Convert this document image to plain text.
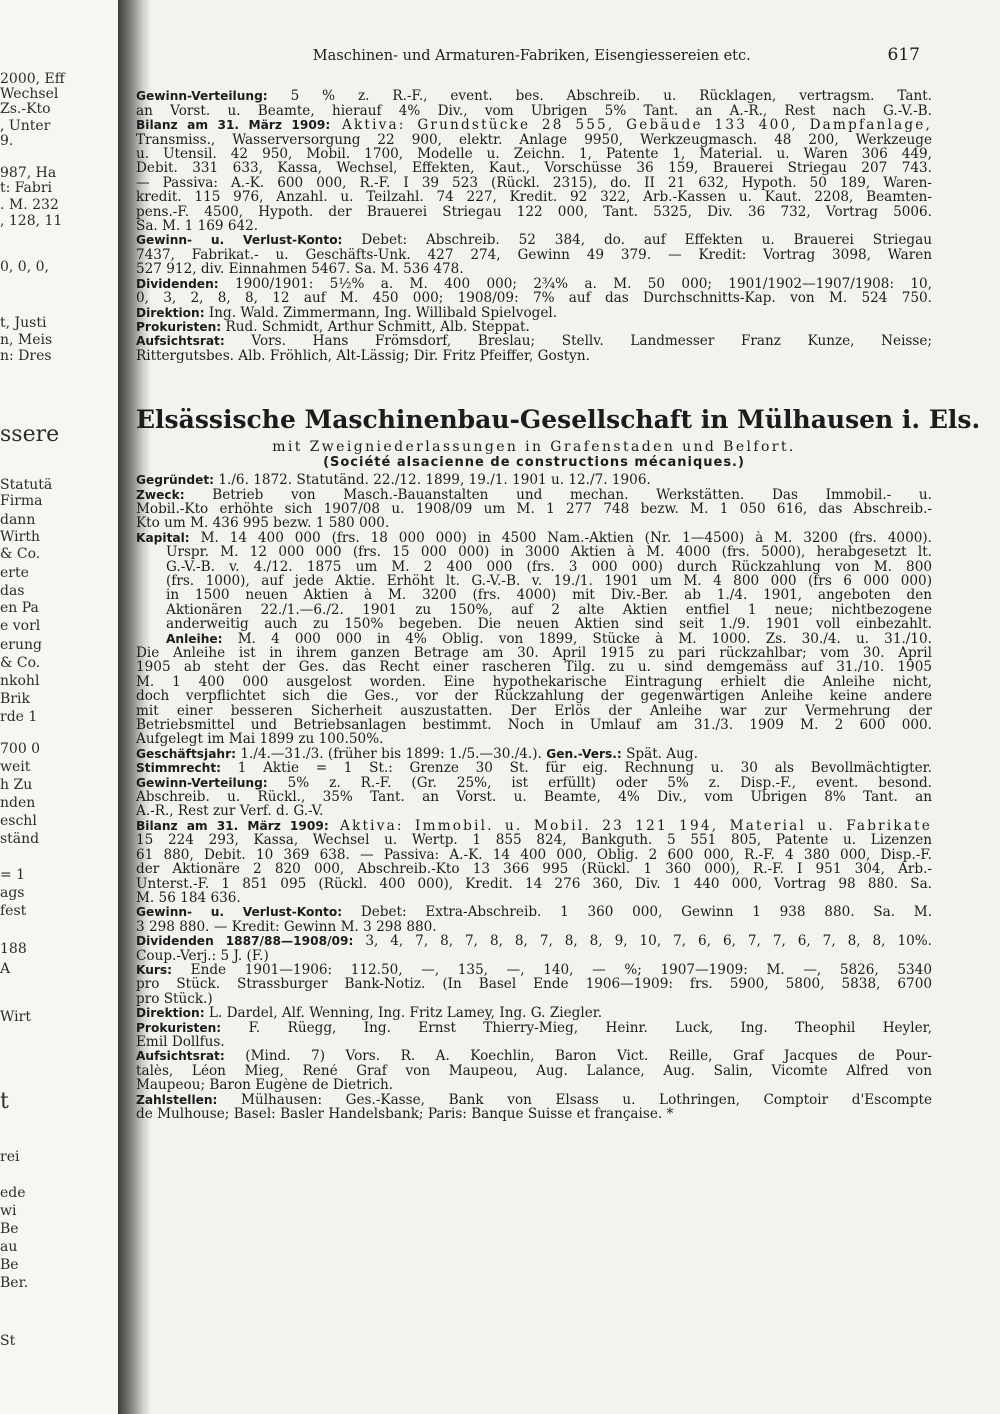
2000, Eff
Wechsel
Zs.-Kto
, Unter
9.
987, Ha
t: Fabri
. M. 232
, 128, 11
0, 0, 0,
t, Justi
n, Meis
n: Dres
ssere
Statutä
Firma
dann
Wirth
& Co.
erte
das
en Pa
e vorl
erung
& Co.
nkohl
Brik
rde 1
700 0
weit
h Zu
nden
eschl
ständ
= 1
ags
fest
188
A
Wirt
t
rei
ede
wi
Be
au
Be
Ber.
St
Maschinen- und Armaturen-Fabriken, Eisengiessereien etc.	617
Gewinn-Verteilung: 5 % z. R.-F., event. bes. Abschreib. u. Rücklagen, vertragsm. Tant.
an Vorst. u. Beamte, hierauf 4% Div., vom Übrigen 5% Tant. an A.-R., Rest nach G.-V.-B.
Bilanz am 31. März 1909: Aktiva: Grundstücke 28 555, Gebäude 133 400, Dampfanlage,
Transmiss., Wasserversorgung 22 900, elektr. Anlage 9950, Werkzeugmasch. 48 200, Werkzeuge
u. Utensil. 42 950, Mobil. 1700, Modelle u. Zeichn. 1, Patente 1, Material. u. Waren 306 449,
Debit. 331 633, Kassa, Wechsel, Effekten, Kaut., Vorschüsse 36 159, Brauerei Striegau 207 743.
— Passiva: A.-K. 600 000, R.-F. I 39 523 (Rückl. 2315), do. II 21 632, Hypoth. 50 189, Waren-
kredit. 115 976, Anzahl. u. Teilzahl. 74 227, Kredit. 92 322, Arb.-Kassen u. Kaut. 2208, Beamten-
pens.-F. 4500, Hypoth. der Brauerei Striegau 122 000, Tant. 5325, Div. 36 732, Vortrag 5006.
Sa. M. 1 169 642.
Gewinn- u. Verlust-Konto: Debet: Abschreib. 52 384, do. auf Effekten u. Brauerei Striegau
7437, Fabrikat.- u. Geschäfts-Unk. 427 274, Gewinn 49 379. — Kredit: Vortrag 3098, Waren
527 912, div. Einnahmen 5467. Sa. M. 536 478.
Dividenden: 1900/1901: 5½% a. M. 400 000; 2¾% a. M. 50 000; 1901/1902—1907/1908: 10,
0, 3, 2, 8, 8, 12 auf M. 450 000; 1908/09: 7% auf das Durchschnitts-Kap. von M. 524 750.
Direktion: Ing. Wald. Zimmermann, Ing. Willibald Spielvogel.
Prokuristen: Rud. Schmidt, Arthur Schmitt, Alb. Steppat.
Aufsichtsrat: Vors. Hans Frömsdorf, Breslau; Stellv. Landmesser Franz Kunze, Neisse;
Rittergutsbes. Alb. Fröhlich, Alt-Lässig; Dir. Fritz Pfeiffer, Gostyn.
Elsässische Maschinenbau-Gesellschaft in Mülhausen i. Els.
mit Zweigniederlassungen in Grafenstaden und Belfort.
(Société alsacienne de constructions mécaniques.)
Gegründet: 1./6. 1872. Statutänd. 22./12. 1899, 19./1. 1901 u. 12./7. 1906.
Zweck: Betrieb von Masch.-Bauanstalten und mechan. Werkstätten. Das Immobil.- u.
Mobil.-Kto erhöhte sich 1907/08 u. 1908/09 um M. 1 277 748 bezw. M. 1 050 616, das Abschreib.-
Kto um M. 436 995 bezw. 1 580 000.
Kapital: M. 14 400 000 (frs. 18 000 000) in 4500 Nam.-Aktien (Nr. 1—4500) à M. 3200 (frs. 4000).
Urspr. M. 12 000 000 (frs. 15 000 000) in 3000 Aktien à M. 4000 (frs. 5000), herabgesetzt lt.
G.-V.-B. v. 4./12. 1875 um M. 2 400 000 (frs. 3 000 000) durch Rückzahlung von M. 800
(frs. 1000), auf jede Aktie. Erhöht lt. G.-V.-B. v. 19./1. 1901 um M. 4 800 000 (frs 6 000 000)
in 1500 neuen Aktien à M. 3200 (frs. 4000) mit Div.-Ber. ab 1./4. 1901, angeboten den
Aktionären 22./1.—6./2. 1901 zu 150%, auf 2 alte Aktien entfiel 1 neue; nichtbezogene
anderweitig auch zu 150% begeben. Die neuen Aktien sind seit 1./9. 1901 voll einbezahlt.
Anleihe: M. 4 000 000 in 4% Oblig. von 1899, Stücke à M. 1000. Zs. 30./4. u. 31./10.
Die Anleihe ist in ihrem ganzen Betrage am 30. April 1915 zu pari rückzahlbar; vom 30. April
1905 ab steht der Ges. das Recht einer rascheren Tilg. zu u. sind demgemäss auf 31./10. 1905
M. 1 400 000 ausgelost worden. Eine hypothekarische Eintragung erhielt die Anleihe nicht,
doch verpflichtet sich die Ges., vor der Rückzahlung der gegenwärtigen Anleihe keine andere
mit einer besseren Sicherheit auszustatten. Der Erlös der Anleihe war zur Vermehrung der
Betriebsmittel und Betriebsanlagen bestimmt. Noch in Umlauf am 31./3. 1909 M. 2 600 000.
Aufgelegt im Mai 1899 zu 100.50%.
Geschäftsjahr: 1./4.—31./3. (früher bis 1899: 1./5.—30./4.). Gen.-Vers.: Spät. Aug.
Stimmrecht: 1 Aktie = 1 St.: Grenze 30 St. für eig. Rechnung u. 30 als Bevollmächtigter.
Gewinn-Verteilung: 5% z. R.-F. (Gr. 25%, ist erfüllt) oder 5% z. Disp.-F., event. besond.
Abschreib. u. Rückl., 35% Tant. an Vorst. u. Beamte, 4% Div., vom Übrigen 8% Tant. an
A.-R., Rest zur Verf. d. G.-V.
Bilanz am 31. März 1909: Aktiva: Immobil. u. Mobil. 23 121 194, Material u. Fabrikate
15 224 293, Kassa, Wechsel u. Wertp. 1 855 824, Bankguth. 5 551 805, Patente u. Lizenzen
61 880, Debit. 10 369 638. — Passiva: A.-K. 14 400 000, Oblig. 2 600 000, R.-F. 4 380 000, Disp.-F.
der Aktionäre 2 820 000, Abschreib.-Kto 13 366 995 (Rückl. 1 360 000), R.-F. I 951 304, Arb.-
Unterst.-F. 1 851 095 (Rückl. 400 000), Kredit. 14 276 360, Div. 1 440 000, Vortrag 98 880. Sa.
M. 56 184 636.
Gewinn- u. Verlust-Konto: Debet: Extra-Abschreib. 1 360 000, Gewinn 1 938 880. Sa. M.
3 298 880. — Kredit: Gewinn M. 3 298 880.
Dividenden 1887/88—1908/09: 3, 4, 7, 8, 7, 8, 8, 7, 8, 8, 9, 10, 7, 6, 6, 7, 7, 6, 7, 8, 8, 10%.
Coup.-Verj.: 5 J. (F.)
Kurs: Ende 1901—1906: 112.50, —, 135, —, 140, — %; 1907—1909: M. —, 5826, 5340
pro Stück. Strassburger Bank-Notiz. (In Basel Ende 1906—1909: frs. 5900, 5800, 5838, 6700
pro Stück.)
Direktion: L. Dardel, Alf. Wenning, Ing. Fritz Lamey, Ing. G. Ziegler.
Prokuristen: F. Rüegg, Ing. Ernst Thierry-Mieg, Heinr. Luck, Ing. Theophil Heyler,
Emil Dollfus.
Aufsichtsrat: (Mind. 7) Vors. R. A. Koechlin, Baron Vict. Reille, Graf Jacques de Pour-
talès, Léon Mieg, René Graf von Maupeou, Aug. Lalance, Aug. Salin, Vicomte Alfred von
Maupeou; Baron Eugène de Dietrich.
Zahlstellen: Mülhausen: Ges.-Kasse, Bank von Elsass u. Lothringen, Comptoir d'Escompte
de Mulhouse; Basel: Basler Handelsbank; Paris: Banque Suisse et française. *
